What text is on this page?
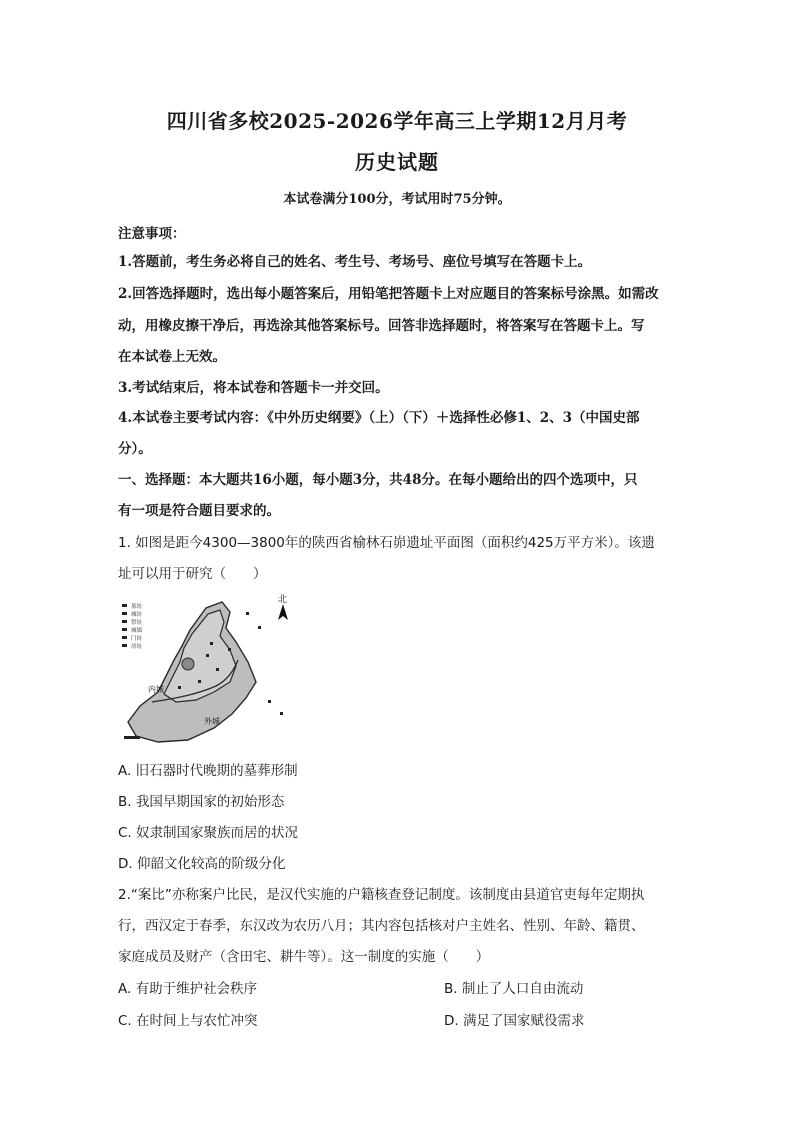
四川省多校2025-2026学年高三上学期12月月考
历史试题
本试卷满分100分，考试用时75分钟。
注意事项：
1.答题前，考生务必将自己的姓名、考生号、考场号、座位号填写在答题卡上。
2.回答选择题时，选出每小题答案后，用铅笔把答题卡上对应题目的答案标号涂黑。如需改
动，用橡皮擦干净后，再选涂其他答案标号。回答非选择题时，将答案写在答题卡上。写
在本试卷上无效。
3.考试结束后，将本试卷和答题卡一并交回。
4.本试卷主要考试内容：《中外历史纲要》（上）（下）＋选择性必修1、2、3（中国史部
分）。
一、选择题：本大题共16小题，每小题3分，共48分。在每小题给出的四个选项中，只
有一项是符合题目要求的。
1. 如图是距今4300—3800年的陕西省榆林石峁遗址平面图（面积约425万平方米）。该遗
址可以用于研究（　　）
内城
外城
北
墓址
城址
祭址
城墙
门址
房址
A. 旧石器时代晚期的墓葬形制
B. 我国早期国家的初始形态
C. 奴隶制国家聚族而居的状况
D. 仰韶文化较高的阶级分化
2.“案比”亦称案户比民，是汉代实施的户籍核查登记制度。该制度由县道官吏每年定期执
行，西汉定于春季，东汉改为农历八月；其内容包括核对户主姓名、性别、年龄、籍贯、
家庭成员及财产（含田宅、耕牛等）。这一制度的实施（　　）
A. 有助于维护社会秩序	B. 制止了人口自由流动
C. 在时间上与农忙冲突	D. 满足了国家赋役需求
